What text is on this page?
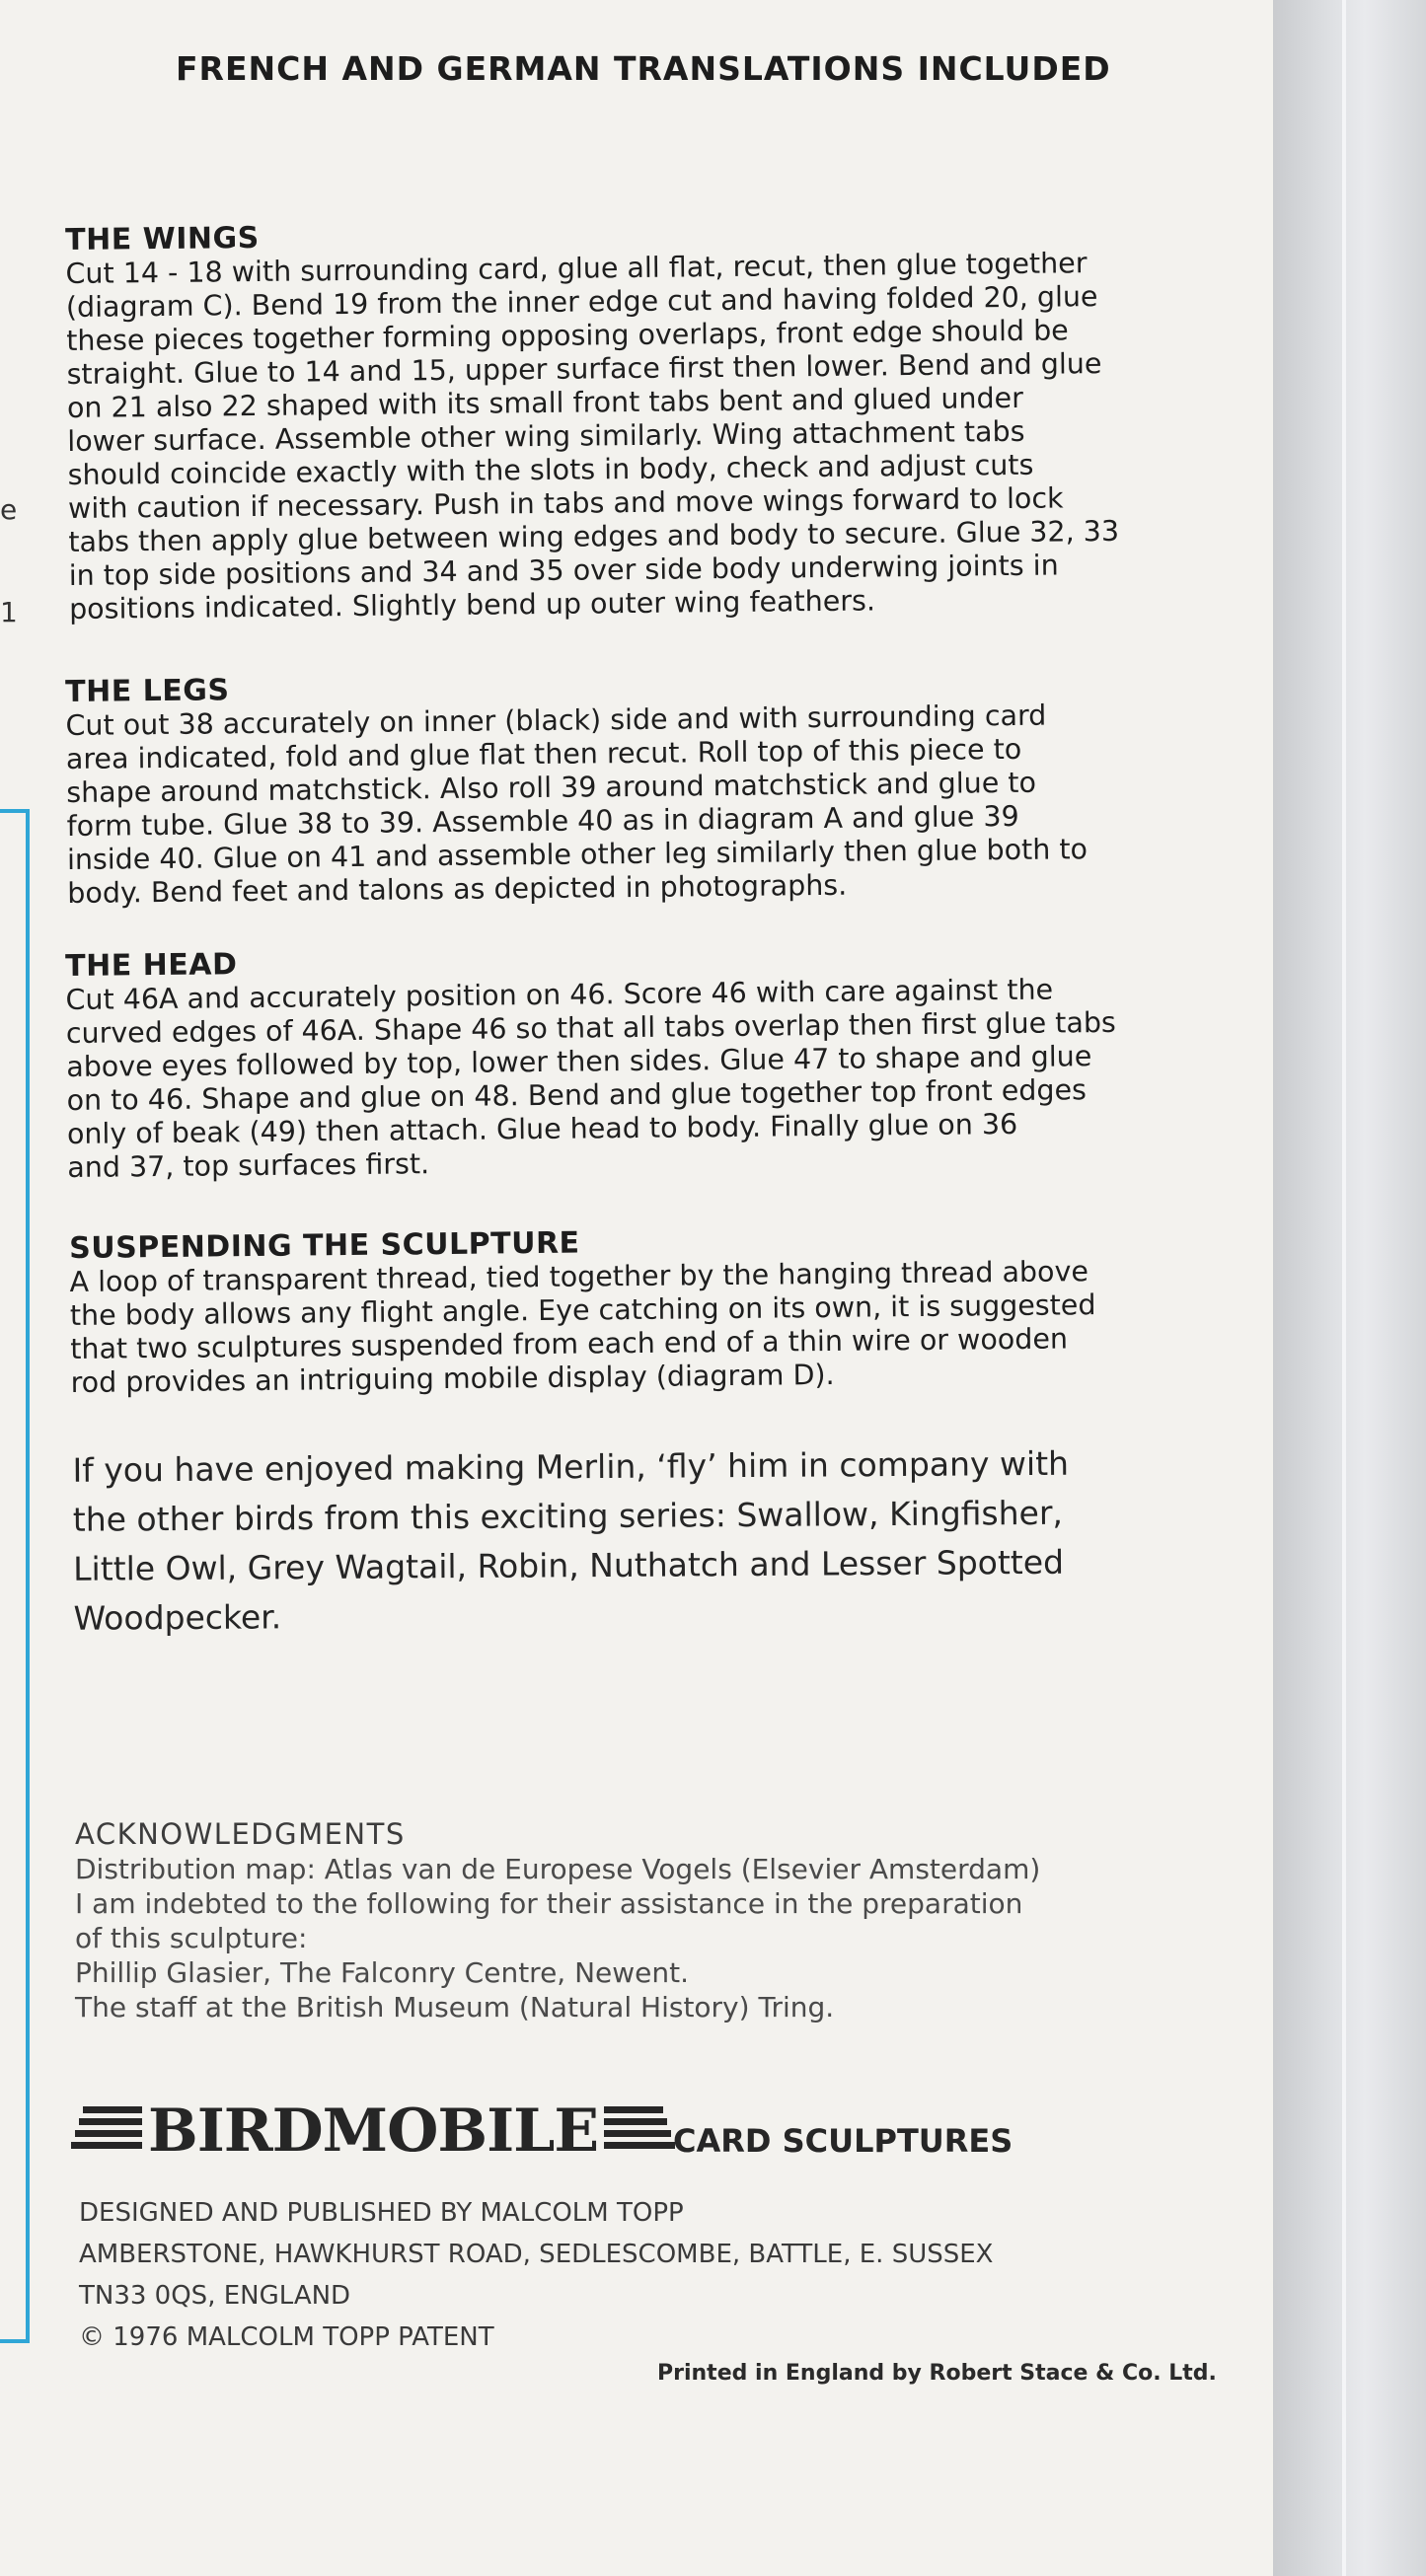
e
1
FRENCH AND GERMAN TRANSLATIONS INCLUDED
THE WINGS

Cut 14 - 18 with surrounding card, glue all flat, recut, then glue together

(diagram C). Bend 19 from the inner edge cut and having folded 20, glue

these pieces together forming opposing overlaps, front edge should be

straight. Glue to 14 and 15, upper surface first then lower. Bend and glue

on 21 also 22 shaped with its small front tabs bent and glued under

lower surface. Assemble other wing similarly. Wing attachment tabs

should coincide exactly with the slots in body, check and adjust cuts

with caution if necessary. Push in tabs and move wings forward to lock

tabs then apply glue between wing edges and body to secure. Glue 32, 33

in top side positions and 34 and 35 over side body underwing joints in

positions indicated. Slightly bend up outer wing feathers.

THE LEGS

Cut out 38 accurately on inner (black) side and with surrounding card

area indicated, fold and glue flat then recut. Roll top of this piece to

shape around matchstick. Also roll 39 around matchstick and glue to

form tube. Glue 38 to 39. Assemble 40 as in diagram A and glue 39

inside 40. Glue on 41 and assemble other leg similarly then glue both to

body. Bend feet and talons as depicted in photographs.

THE HEAD

Cut 46A and accurately position on 46. Score 46 with care against the

curved edges of 46A. Shape 46 so that all tabs overlap then first glue tabs

above eyes followed by top, lower then sides. Glue 47 to shape and glue

on to 46. Shape and glue on 48. Bend and glue together top front edges

only of beak (49) then attach. Glue head to body. Finally glue on 36

and 37, top surfaces first.

SUSPENDING THE SCULPTURE

A loop of transparent thread, tied together by the hanging thread above

the body allows any flight angle. Eye catching on its own, it is suggested

that two sculptures suspended from each end of a thin wire or wooden

rod provides an intriguing mobile display (diagram D).

If you have enjoyed making Merlin, ‘fly’ him in company with
the other birds from this exciting series: Swallow, Kingfisher,
Little Owl, Grey Wagtail, Robin, Nuthatch and Lesser Spotted
Woodpecker.

ACKNOWLEDGMENTS

Distribution map: Atlas van de Europese Vogels (Elsevier Amsterdam)

I am indebted to the following for their assistance in the preparation

of this sculpture:

Phillip Glasier, The Falconry Centre, Newent.

The staff at the British Museum (Natural History) Tring.

BIRDMOBILE CARD SCULPTURES

DESIGNED AND PUBLISHED BY MALCOLM TOPP

AMBERSTONE, HAWKHURST ROAD, SEDLESCOMBE, BATTLE, E. SUSSEX

TN33 0QS, ENGLAND

© 1976 MALCOLM TOPP PATENT

Printed in England by Robert Stace & Co. Ltd.
